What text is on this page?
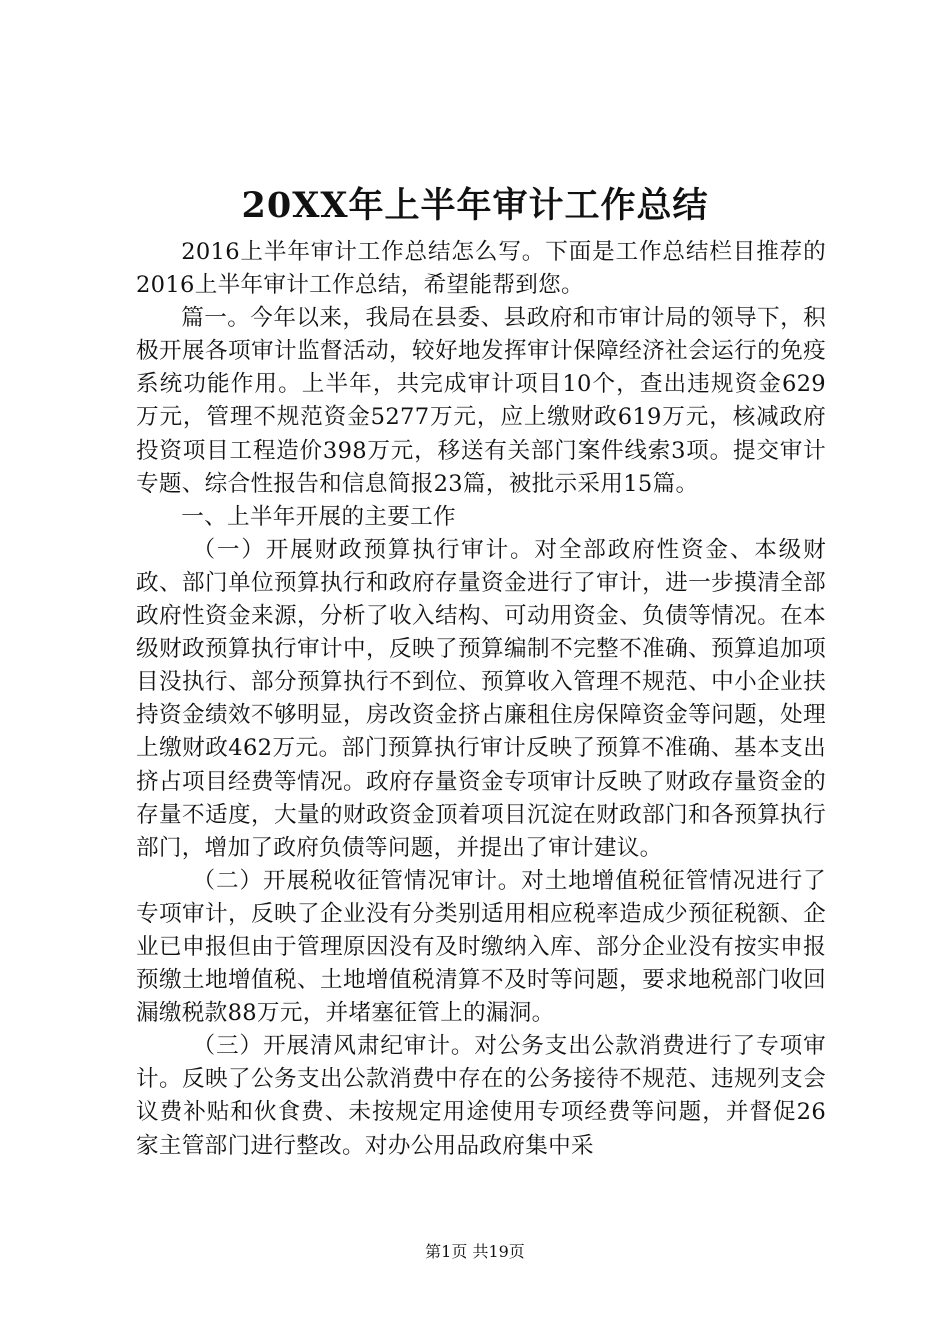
20XX年上半年审计工作总结

2016上半年审计工作总结怎么写。下面是工作总结栏目推荐的2016上半年审计工作总结，希望能帮到您。

篇一。今年以来，我局在县委、县政府和市审计局的领导下，积极开展各项审计监督活动，较好地发挥审计保障经济社会运行的免疫系统功能作用。上半年，共完成审计项目10个，查出违规资金629万元，管理不规范资金5277万元，应上缴财政619万元，核减政府投资项目工程造价398万元，移送有关部门案件线索3项。提交审计专题、综合性报告和信息简报23篇，被批示采用15篇。

一、上半年开展的主要工作

（一）开展财政预算执行审计。对全部政府性资金、本级财政、部门单位预算执行和政府存量资金进行了审计，进一步摸清全部政府性资金来源，分析了收入结构、可动用资金、负债等情况。在本级财政预算执行审计中，反映了预算编制不完整不准确、预算追加项目没执行、部分预算执行不到位、预算收入管理不规范、中小企业扶持资金绩效不够明显，房改资金挤占廉租住房保障资金等问题，处理上缴财政462万元。部门预算执行审计反映了预算不准确、基本支出挤占项目经费等情况。政府存量资金专项审计反映了财政存量资金的存量不适度，大量的财政资金顶着项目沉淀在财政部门和各预算执行部门，增加了政府负债等问题，并提出了审计建议。

（二）开展税收征管情况审计。对土地增值税征管情况进行了专项审计，反映了企业没有分类别适用相应税率造成少预征税额、企业已申报但由于管理原因没有及时缴纳入库、部分企业没有按实申报预缴土地增值税、土地增值税清算不及时等问题，要求地税部门收回漏缴税款88万元，并堵塞征管上的漏洞。

（三）开展清风肃纪审计。对公务支出公款消费进行了专项审计。反映了公务支出公款消费中存在的公务接待不规范、违规列支会议费补贴和伙食费、未按规定用途使用专项经费等问题，并督促26家主管部门进行整改。对办公用品政府集中采

第1页 共19页
